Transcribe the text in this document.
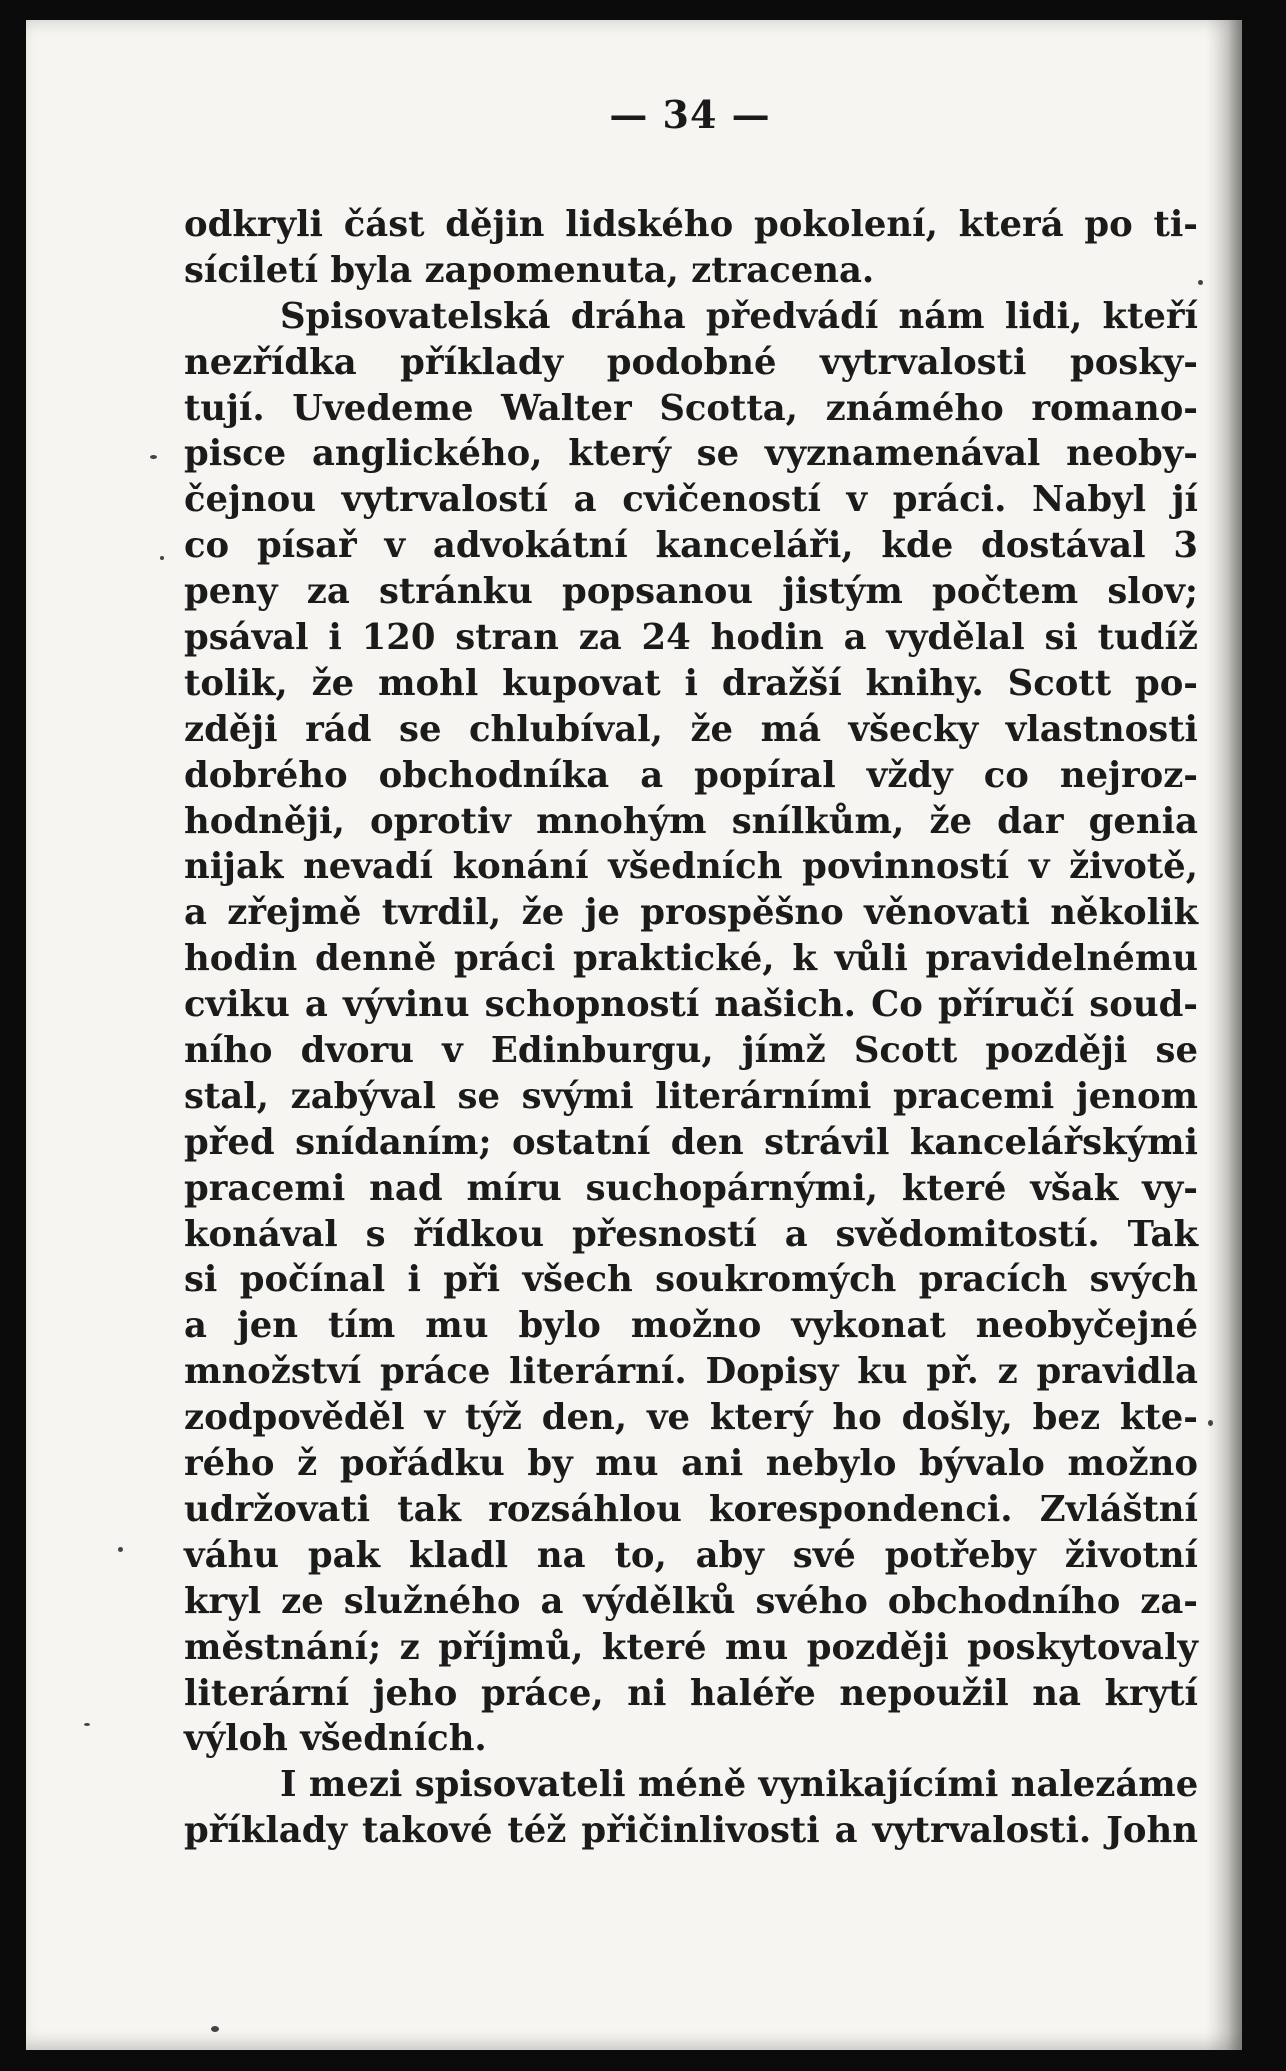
— 34 —
odkryli část dějin lidského pokolení, která po ti-
síciletí byla zapomenuta, ztracena.
Spisovatelská dráha předvádí nám lidi, kteří
nezřídka příklady podobné vytrvalosti posky-
tují. Uvedeme Walter Scotta, známého romano-
pisce anglického, který se vyznamenával neoby-
čejnou vytrvalostí a cvičeností v práci. Nabyl jí
co písař v advokátní kanceláři, kde dostával 3
peny za stránku popsanou jistým počtem slov;
psával i 120 stran za 24 hodin a vydělal si tudíž
tolik, že mohl kupovat i dražší knihy. Scott po-
zději rád se chlubíval, že má všecky vlastnosti
dobrého obchodníka a popíral vždy co nejroz-
hodněji, oprotiv mnohým snílkům, že dar genia
nijak nevadí konání všedních povinností v životě,
a zřejmě tvrdil, že je prospěšno věnovati několik
hodin denně práci praktické, k vůli pravidelnému
cviku a vývinu schopností našich. Co příručí soud-
ního dvoru v Edinburgu, jímž Scott později se
stal, zabýval se svými literárními pracemi jenom
před snídaním; ostatní den strávil kancelářskými
pracemi nad míru suchopárnými, které však vy-
konával s řídkou přesností a svědomitostí. Tak
si počínal i při všech soukromých pracích svých
a jen tím mu bylo možno vykonat neobyčejné
množství práce literární. Dopisy ku př. z pravidla
zodpověděl v týž den, ve který ho došly, bez kte-
rého ž pořádku by mu ani nebylo bývalo možno
udržovati tak rozsáhlou korespondenci. Zvláštní
váhu pak kladl na to, aby své potřeby životní
kryl ze služného a výdělků svého obchodního za-
městnání; z příjmů, které mu později poskytovaly
literární jeho práce, ni haléře nepoužil na krytí
výloh všedních.
I mezi spisovateli méně vynikajícími nalezáme
příklady takové též přičinlivosti a vytrvalosti. John
